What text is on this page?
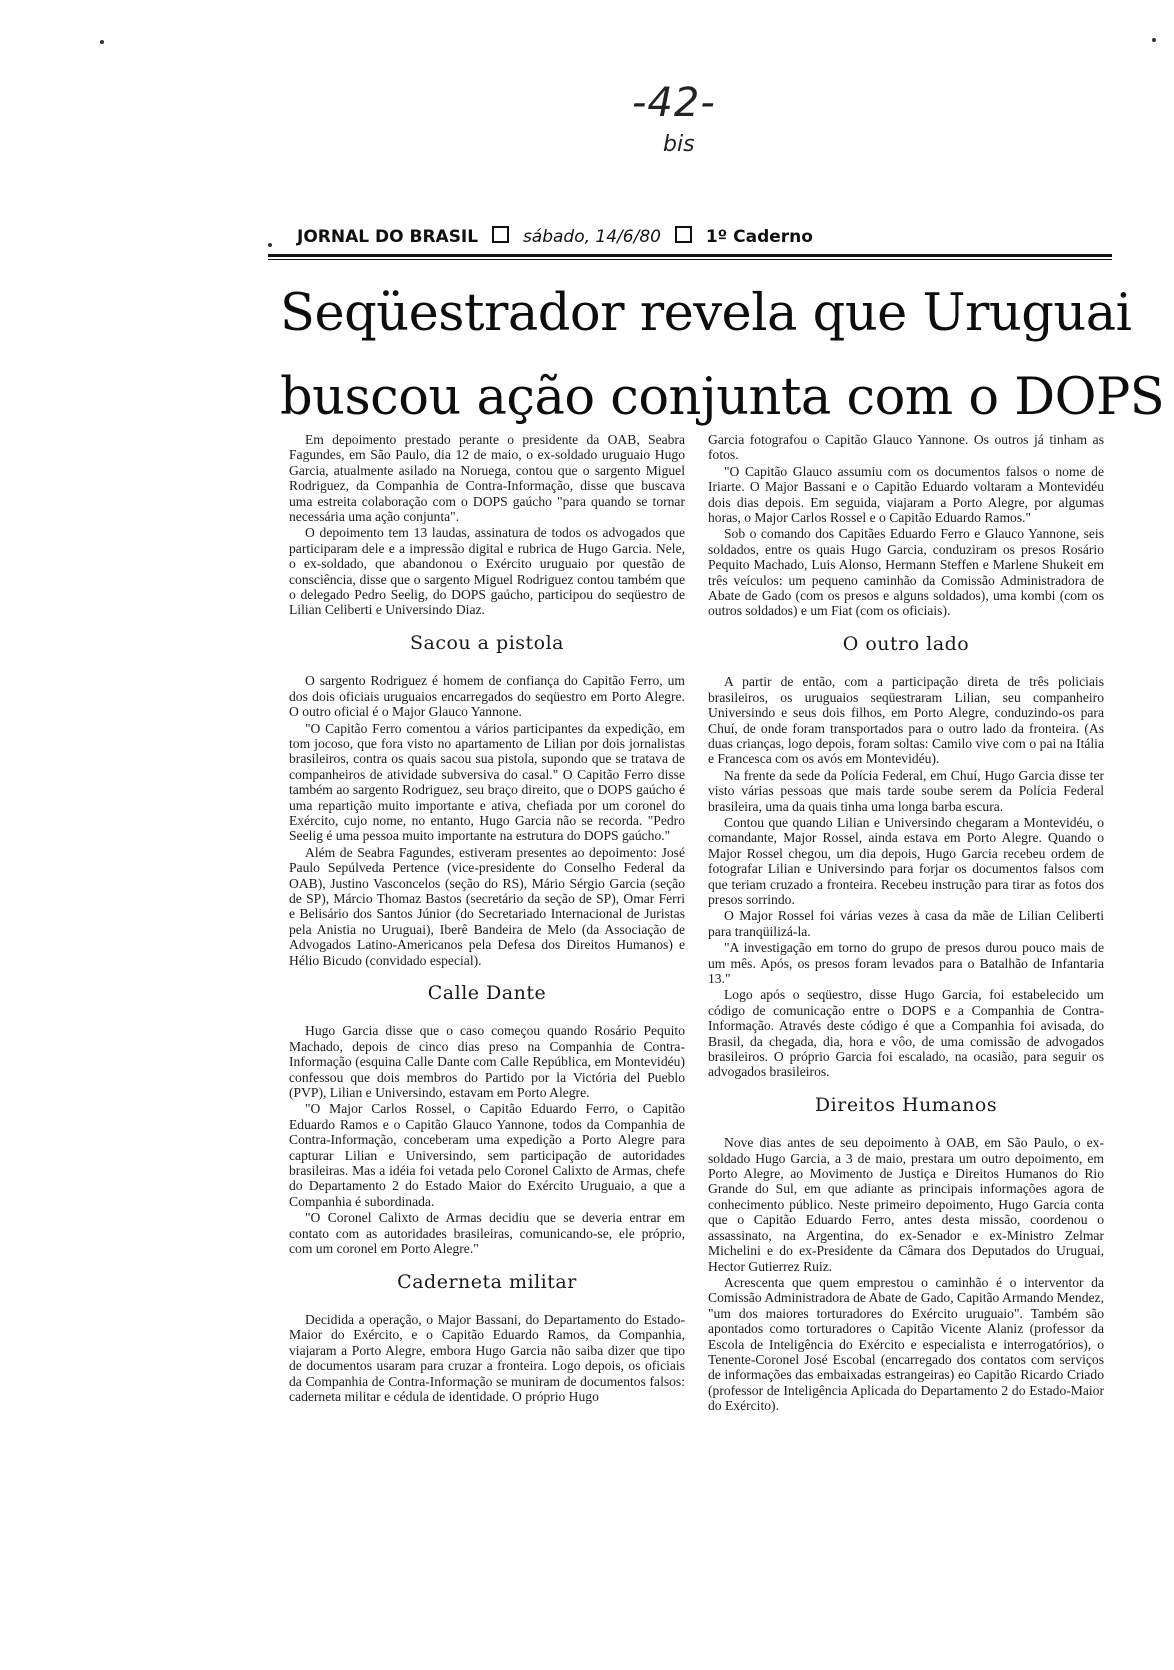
-42-
bis
JORNAL DO BRASIL	sábado, 14/6/80	1º Caderno
Seqüestrador revela que Uruguai
buscou ação conjunta com o DOPS

Em depoimento prestado perante o presidente da OAB, Seabra Fagundes, em São Paulo, dia 12 de maio, o ex-soldado uruguaio Hugo Garcia, atualmente asilado na Noruega, contou que o sargento Miguel Rodriguez, da Companhia de Contra-Informação, disse que buscava uma estreita colaboração com o DOPS gaúcho "para quando se tornar necessária uma ação conjunta".

O depoimento tem 13 laudas, assinatura de todos os advogados que participaram dele e a impressão digital e rubrica de Hugo Garcia. Nele, o ex-soldado, que abandonou o Exército uruguaio por questão de consciência, disse que o sargento Miguel Rodriguez contou também que o delegado Pedro Seelig, do DOPS gaúcho, participou do seqüestro de Lilian Celiberti e Universindo Diaz.

Sacou a pistola

O sargento Rodriguez é homem de confiança do Capitão Ferro, um dos dois oficiais uruguaios encarregados do seqüestro em Porto Alegre. O outro oficial é o Major Glauco Yannone.

"O Capitão Ferro comentou a vários participantes da expedição, em tom jocoso, que fora visto no apartamento de Lilian por dois jornalistas brasileiros, contra os quais sacou sua pistola, supondo que se tratava de companheiros de atividade subversiva do casal." O Capitão Ferro disse também ao sargento Rodriguez, seu braço direito, que o DOPS gaúcho é uma repartição muito importante e ativa, chefiada por um coronel do Exército, cujo nome, no entanto, Hugo Garcia não se recorda. "Pedro Seelig é uma pessoa muito importante na estrutura do DOPS gaúcho."

Além de Seabra Fagundes, estiveram presentes ao depoimento: José Paulo Sepúlveda Pertence (vice-presidente do Conselho Federal da OAB), Justino Vasconcelos (seção do RS), Mário Sérgio Garcia (seção de SP), Márcio Thomaz Bastos (secretário da seção de SP), Omar Ferri e Belisário dos Santos Júnior (do Secretariado Internacional de Juristas pela Anistia no Uruguai), Iberê Bandeira de Melo (da Associação de Advogados Latino-Americanos pela Defesa dos Direitos Humanos) e Hélio Bicudo (convidado especial).

Calle Dante

Hugo Garcia disse que o caso começou quando Rosário Pequito Machado, depois de cinco dias preso na Companhia de Contra-Informação (esquina Calle Dante com Calle República, em Montevidéu) confessou que dois membros do Partido por la Victória del Pueblo (PVP), Lilian e Universindo, estavam em Porto Alegre.

"O Major Carlos Rossel, o Capitão Eduardo Ferro, o Capitão Eduardo Ramos e o Capitão Glauco Yannone, todos da Companhia de Contra-Informação, conceberam uma expedição a Porto Alegre para capturar Lilian e Universindo, sem participação de autoridades brasileiras. Mas a idéia foi vetada pelo Coronel Calixto de Armas, chefe do Departamento 2 do Estado Maior do Exército Uruguaio, a que a Companhia é subordinada.

"O Coronel Calixto de Armas decidiu que se deveria entrar em contato com as autoridades brasileiras, comunicando-se, ele próprio, com um coronel em Porto Alegre."

Caderneta militar

Decidida a operação, o Major Bassani, do Departamento do Estado-Maior do Exército, e o Capitão Eduardo Ramos, da Companhia, viajaram a Porto Alegre, embora Hugo Garcia não saiba dizer que tipo de documentos usaram para cruzar a fronteira. Logo depois, os oficiais da Companhia de Contra-Informação se muniram de documentos falsos: caderneta militar e cédula de identidade. O próprio Hugo

Garcia fotografou o Capitão Glauco Yannone. Os outros já tinham as fotos.

"O Capitão Glauco assumiu com os documentos falsos o nome de Iriarte. O Major Bassani e o Capitão Eduardo voltaram a Montevidéu dois dias depois. Em seguida, viajaram a Porto Alegre, por algumas horas, o Major Carlos Rossel e o Capitão Eduardo Ramos."

Sob o comando dos Capitães Eduardo Ferro e Glauco Yannone, seis soldados, entre os quais Hugo Garcia, conduziram os presos Rosário Pequito Machado, Luis Alonso, Hermann Steffen e Marlene Shukeit em três veículos: um pequeno caminhão da Comissão Administradora de Abate de Gado (com os presos e alguns soldados), uma kombi (com os outros soldados) e um Fiat (com os oficiais).

O outro lado

A partir de então, com a participação direta de três policiais brasileiros, os uruguaios seqüestraram Lilian, seu companheiro Universindo e seus dois filhos, em Porto Alegre, conduzindo-os para Chuí, de onde foram transportados para o outro lado da fronteira. (As duas crianças, logo depois, foram soltas: Camilo vive com o pai na Itália e Francesca com os avós em Montevidéu).

Na frente da sede da Polícia Federal, em Chuí, Hugo Garcia disse ter visto várias pessoas que mais tarde soube serem da Polícia Federal brasileira, uma da quais tinha uma longa barba escura.

Contou que quando Lilian e Universindo chegaram a Montevidéu, o comandante, Major Rossel, ainda estava em Porto Alegre. Quando o Major Rossel chegou, um dia depois, Hugo Garcia recebeu ordem de fotografar Lilian e Universindo para forjar os documentos falsos com que teriam cruzado a fronteira. Recebeu instrução para tirar as fotos dos presos sorrindo.

O Major Rossel foi várias vezes à casa da mãe de Lilian Celiberti para tranqüilizá-la.

"A investigação em torno do grupo de presos durou pouco mais de um mês. Após, os presos foram levados para o Batalhão de Infantaria 13."

Logo após o seqüestro, disse Hugo Garcia, foi estabelecido um código de comunicação entre o DOPS e a Companhia de Contra-Informação. Através deste código é que a Companhia foi avisada, do Brasil, da chegada, dia, hora e vôo, de uma comissão de advogados brasileiros. O próprio Garcia foi escalado, na ocasião, para seguir os advogados brasileiros.

Direitos Humanos

Nove dias antes de seu depoimento à OAB, em São Paulo, o ex-soldado Hugo Garcia, a 3 de maio, prestara um outro depoimento, em Porto Alegre, ao Movimento de Justiça e Direitos Humanos do Rio Grande do Sul, em que adiante as principais informações agora de conhecimento público. Neste primeiro depoimento, Hugo Garcia conta que o Capitão Eduardo Ferro, antes desta missão, coordenou o assassinato, na Argentina, do ex-Senador e ex-Ministro Zelmar Michelini e do ex-Presidente da Câmara dos Deputados do Uruguai, Hector Gutierrez Ruiz.

Acrescenta que quem emprestou o caminhão é o interventor da Comissão Administradora de Abate de Gado, Capitão Armando Mendez, "um dos maiores torturadores do Exército uruguaio". Também são apontados como torturadores o Capitão Vicente Alaniz (professor da Escola de Inteligência do Exército e especialista e interrogatórios), o Tenente-Coronel José Escobal (encarregado dos contatos com serviços de informações das embaixadas estrangeiras) eo Capitão Ricardo Criado (professor de Inteligência Aplicada do Departamento 2 do Estado-Maior do Exército).
